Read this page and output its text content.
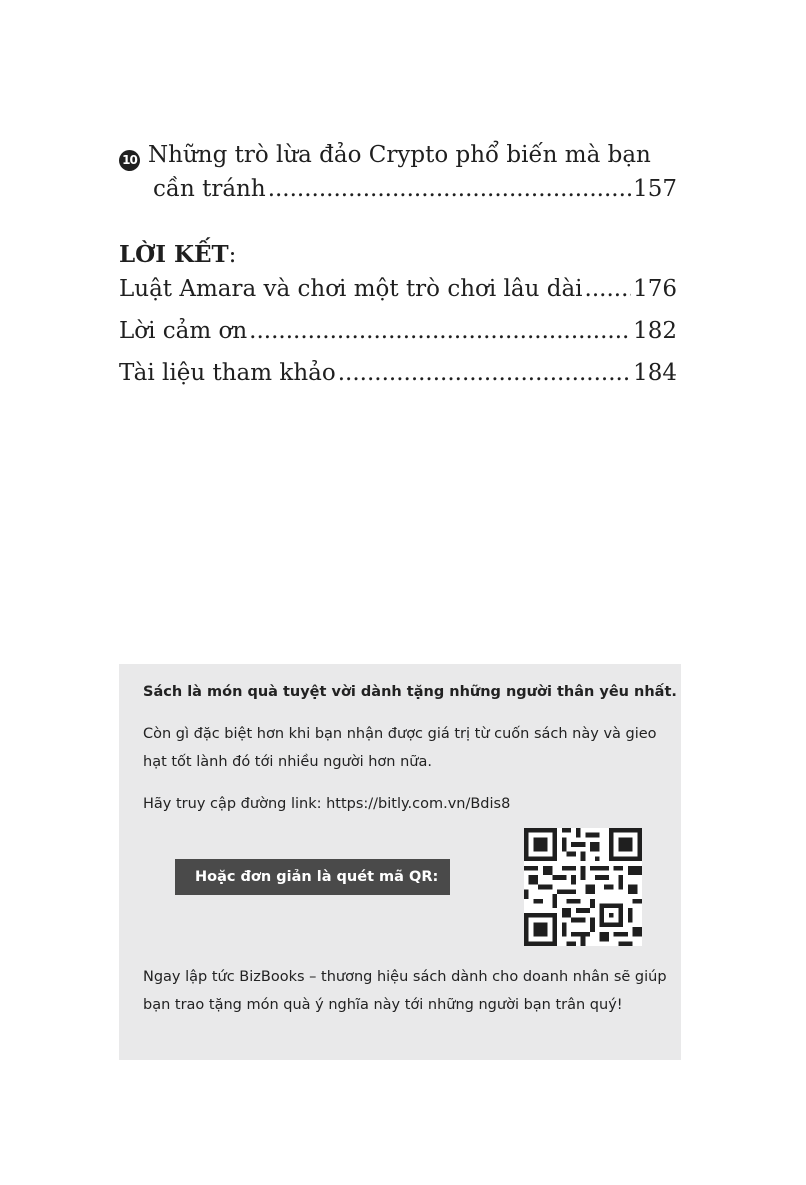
10 Những trò lừa đảo Crypto phổ biến mà bạn
cần tránh .....	157
LỜI KẾT:
Luật Amara và chơi một trò chơi lâu dài ..... 176
Lời cảm ơn .....	182
Tài liệu tham khảo .....	184
Sách là món quà tuyệt vời dành tặng những người thân yêu nhất.
Còn gì đặc biệt hơn khi bạn nhận được giá trị từ cuốn sách này và gieo hạt tốt lành đó tới nhiều người hơn nữa.
Hãy truy cập đường link: https://bitly.com.vn/Bdis8
Hoặc đơn giản là quét mã QR:
Ngay lập tức BizBooks – thương hiệu sách dành cho doanh nhân sẽ giúp bạn trao tặng món quà ý nghĩa này tới những người bạn trân quý!
